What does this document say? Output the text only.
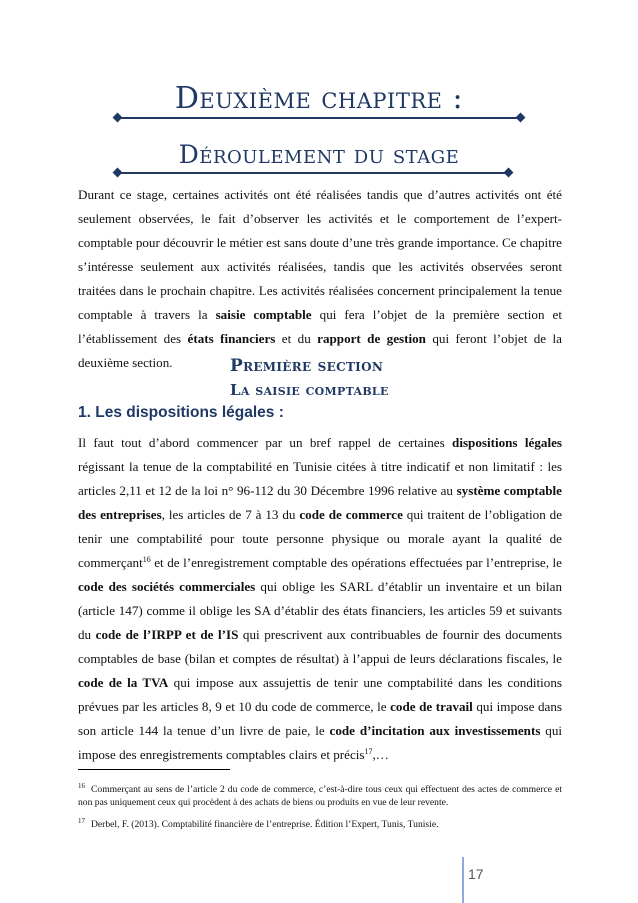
Deuxième chapitre :
Déroulement du stage

Durant ce stage, certaines activités ont été réalisées tandis que d’autres activités ont été seulement observées, le fait d’observer les activités et le comportement de l’expert-comptable pour découvrir le métier est sans doute d’une très grande importance. Ce chapitre s’intéresse seulement aux activités réalisées, tandis que les activités observées seront traitées dans le prochain chapitre. Les activités réalisées concernent principalement la tenue comptable à travers la saisie comptable qui fera l’objet de la première section et l’établissement des états financiers et du rapport de gestion qui feront l’objet de la deuxième section.	Première section
La saisie comptable
1. Les dispositions légales :

Il faut tout d’abord commencer par un bref rappel de certaines dispositions légales régissant la tenue de la comptabilité en Tunisie citées à titre indicatif et non limitatif : les articles 2,11 et 12 de la loi n° 96-112 du 30 Décembre 1996 relative au système comptable des entreprises, les articles de 7 à 13 du code de commerce qui traitent de l’obligation de tenir une comptabilité pour toute personne physique ou morale ayant la qualité de commerçant$^{16}$ et de l’enregistrement comptable des opérations effectuées par l’entreprise, le code des sociétés commerciales qui oblige les SARL d’établir un inventaire et un bilan (article 147) comme il oblige les SA d’établir des états financiers, les articles 59 et suivants du code de l’IRPP et de l’IS qui prescrivent aux contribuables de fournir des documents comptables de base (bilan et comptes de résultat) à l’appui de leurs déclarations fiscales, le code de la TVA qui impose aux assujettis de tenir une comptabilité dans les conditions prévues par les articles 8, 9 et 10 du code de commerce, le code de travail qui impose dans son article 144 la tenue d’un livre de paie, le code d’incitation aux investissements qui impose des enregistrements comptables clairs et précis$^{17}$,…

$^{16}$ Commerçant au sens de l’article 2 du code de commerce, c’est-à-dire tous ceux qui effectuent des actes de commerce et non pas uniquement ceux qui procèdent à des achats de biens ou produits en vue de leur revente.

$^{17}$ Derbel, F. (2013). Comptabilité financière de l’entreprise. Édition l’Expert, Tunis, Tunisie.

17
